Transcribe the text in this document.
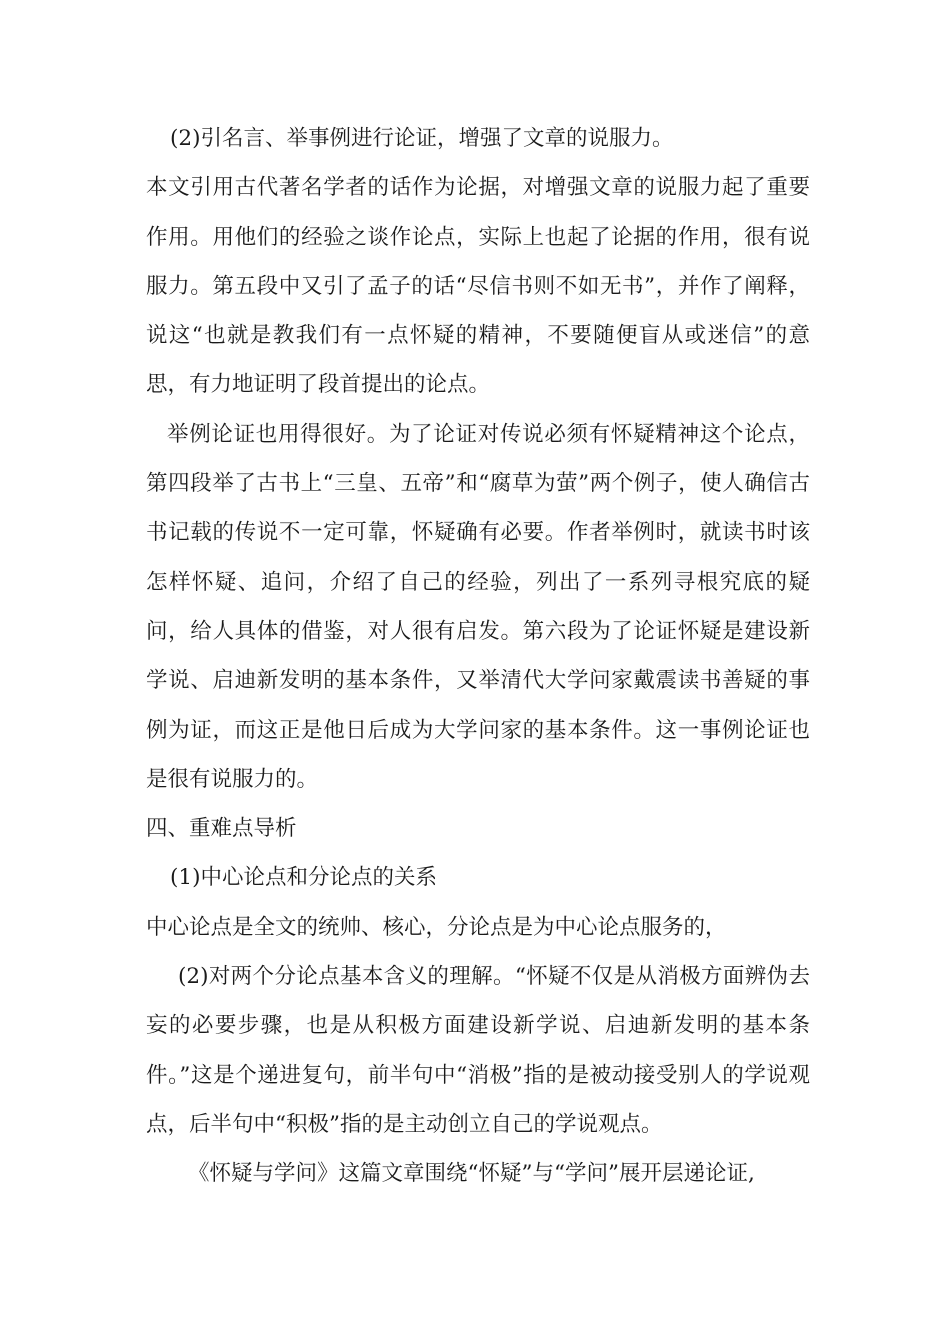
(2)引名言、举事例进行论证，增强了文章的说服力。

本文引用古代著名学者的话作为论据，对增强文章的说服力起了重要作用。用他们的经验之谈作论点，实际上也起了论据的作用，很有说服力。第五段中又引了孟子的话“尽信书则不如无书”，并作了阐释，说这“也就是教我们有一点怀疑的精神，不要随便盲从或迷信”的意思，有力地证明了段首提出的论点。

举例论证也用得很好。为了论证对传说必须有怀疑精神这个论点，第四段举了古书上“三皇、五帝”和“腐草为萤”两个例子，使人确信古书记载的传说不一定可靠，怀疑确有必要。作者举例时，就读书时该怎样怀疑、追问，介绍了自己的经验，列出了一系列寻根究底的疑问，给人具体的借鉴，对人很有启发。第六段为了论证怀疑是建设新学说、启迪新发明的基本条件，又举清代大学问家戴震读书善疑的事例为证，而这正是他日后成为大学问家的基本条件。这一事例论证也是很有说服力的。

四、重难点导析

(1)中心论点和分论点的关系

中心论点是全文的统帅、核心，分论点是为中心论点服务的，

(2)对两个分论点基本含义的理解。“怀疑不仅是从消极方面辨伪去妄的必要步骤，也是从积极方面建设新学说、启迪新发明的基本条件。”这是个递进复句，前半句中“消极”指的是被动接受别人的学说观点，后半句中“积极”指的是主动创立自己的学说观点。

《怀疑与学问》这篇文章围绕“怀疑”与“学问”展开层递论证,
